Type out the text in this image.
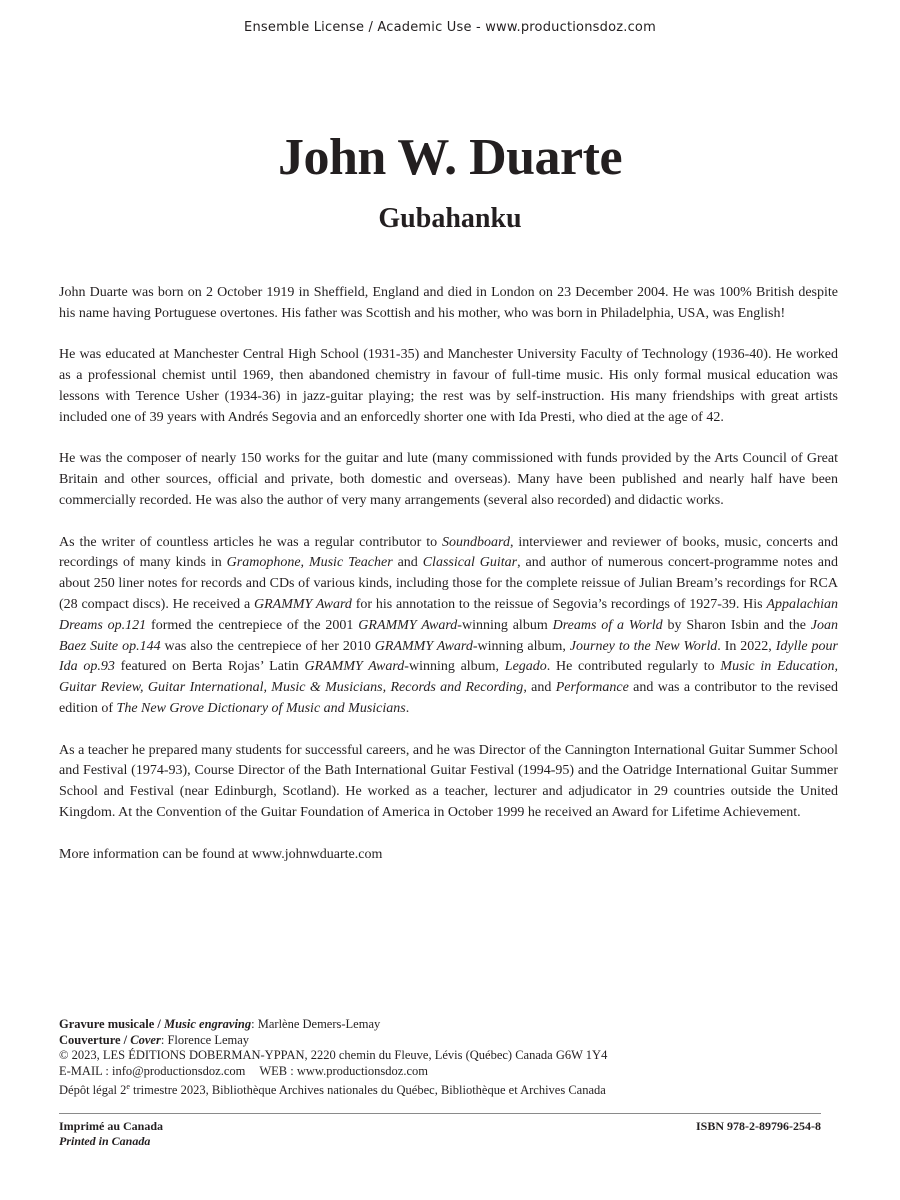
Ensemble License / Academic Use - www.productionsdoz.com
John W. Duarte
Gubahanku

John Duarte was born on 2 October 1919 in Sheffield, England and died in London on 23 December 2004. He was 100% British despite his name having Portuguese overtones. His father was Scottish and his mother, who was born in Philadelphia, USA, was English!

He was educated at Manchester Central High School (1931-35) and Manchester University Faculty of Technology (1936-40). He worked as a professional chemist until 1969, then abandoned chemistry in favour of full-time music. His only formal musical education was lessons with Terence Usher (1934-36) in jazz-guitar playing; the rest was by self-instruction. His many friendships with great artists included one of 39 years with Andrés Segovia and an enforcedly shorter one with Ida Presti, who died at the age of 42.

He was the composer of nearly 150 works for the guitar and lute (many commissioned with funds provided by the Arts Council of Great Britain and other sources, official and private, both domestic and overseas). Many have been published and nearly half have been commercially recorded. He was also the author of very many arrangements (several also recorded) and didactic works.

As the writer of countless articles he was a regular contributor to Soundboard, interviewer and reviewer of books, music, concerts and recordings of many kinds in Gramophone, Music Teacher and Classical Guitar, and author of numerous concert-programme notes and about 250 liner notes for records and CDs of various kinds, including those for the complete reissue of Julian Bream’s recordings for RCA (28 compact discs). He received a GRAMMY Award for his annotation to the reissue of Segovia’s recordings of 1927-39. His Appalachian Dreams op.121 formed the centrepiece of the 2001 GRAMMY Award-winning album Dreams of a World by Sharon Isbin and the Joan Baez Suite op.144 was also the centrepiece of her 2010 GRAMMY Award-winning album, Journey to the New World. In 2022, Idylle pour Ida op.93 featured on Berta Rojas’ Latin GRAMMY Award-winning album, Legado. He contributed regularly to Music in Education, Guitar Review, Guitar International, Music & Musicians, Records and Recording, and Performance and was a contributor to the revised edition of The New Grove Dictionary of Music and Musicians.

As a teacher he prepared many students for successful careers, and he was Director of the Cannington International Guitar Summer School and Festival (1974-93), Course Director of the Bath International Guitar Festival (1994-95) and the Oatridge International Guitar Summer School and Festival (near Edinburgh, Scotland). He worked as a teacher, lecturer and adjudicator in 29 countries outside the United Kingdom. At the Convention of the Guitar Foundation of America in October 1999 he received an Award for Lifetime Achievement.

More information can be found at www.johnwduarte.com

Gravure musicale / Music engraving: Marlène Demers-Lemay
Couverture / Cover: Florence Lemay
© 2023, LES ÉDITIONS DOBERMAN-YPPAN, 2220 chemin du Fleuve, Lévis (Québec) Canada G6W 1Y4
E-MAIL : info@productionsdoz.com WEB : www.productionsdoz.com
Dépôt légal 2e trimestre 2023, Bibliothèque Archives nationales du Québec, Bibliothèque et Archives Canada
Imprimé au Canada
Printed in Canada
ISBN 978-2-89796-254-8
